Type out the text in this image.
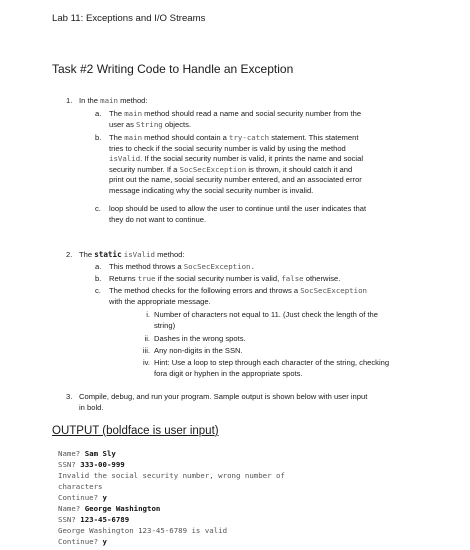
Lab 11: Exceptions and I/O Streams
Task #2 Writing Code to Handle an Exception
1. In the main method:
a. The main method should read a name and social security number from the
user as String objects.
b. The main method should contain a try-catch statement. This statement
tries to check if the social security number is valid by using the method
isValid. If the social security number is valid, it prints the name and social
security number. If a SocSecException is thrown, it should catch it and
print out the name, social security number entered, and an associated error
message indicating why the social security number is invalid.
c. loop should be used to allow the user to continue until the user indicates that
they do not want to continue.
2. The static isValid method:
a. This method throws a SocSecException.
b. Returns true if the social security number is valid, false otherwise.
c. The method checks for the following errors and throws a SocSecException
with the appropriate message.
i. Number of characters not equal to 11. (Just check the length of the
string)
ii. Dashes in the wrong spots.
iii. Any non-digits in the SSN.
iv. Hint: Use a loop to step through each character of the string, checking
fora digit or hyphen in the appropriate spots.
3. Compile, debug, and run your program. Sample output is shown below with user input
in bold.
OUTPUT (boldface is user input)
Name? Sam Sly
SSN? 333-00-999
Invalid the social security number, wrong number of
characters
Continue? y
Name? George Washington
SSN? 123-45-6789
George Washington 123-45-6789 is valid
Continue? y
